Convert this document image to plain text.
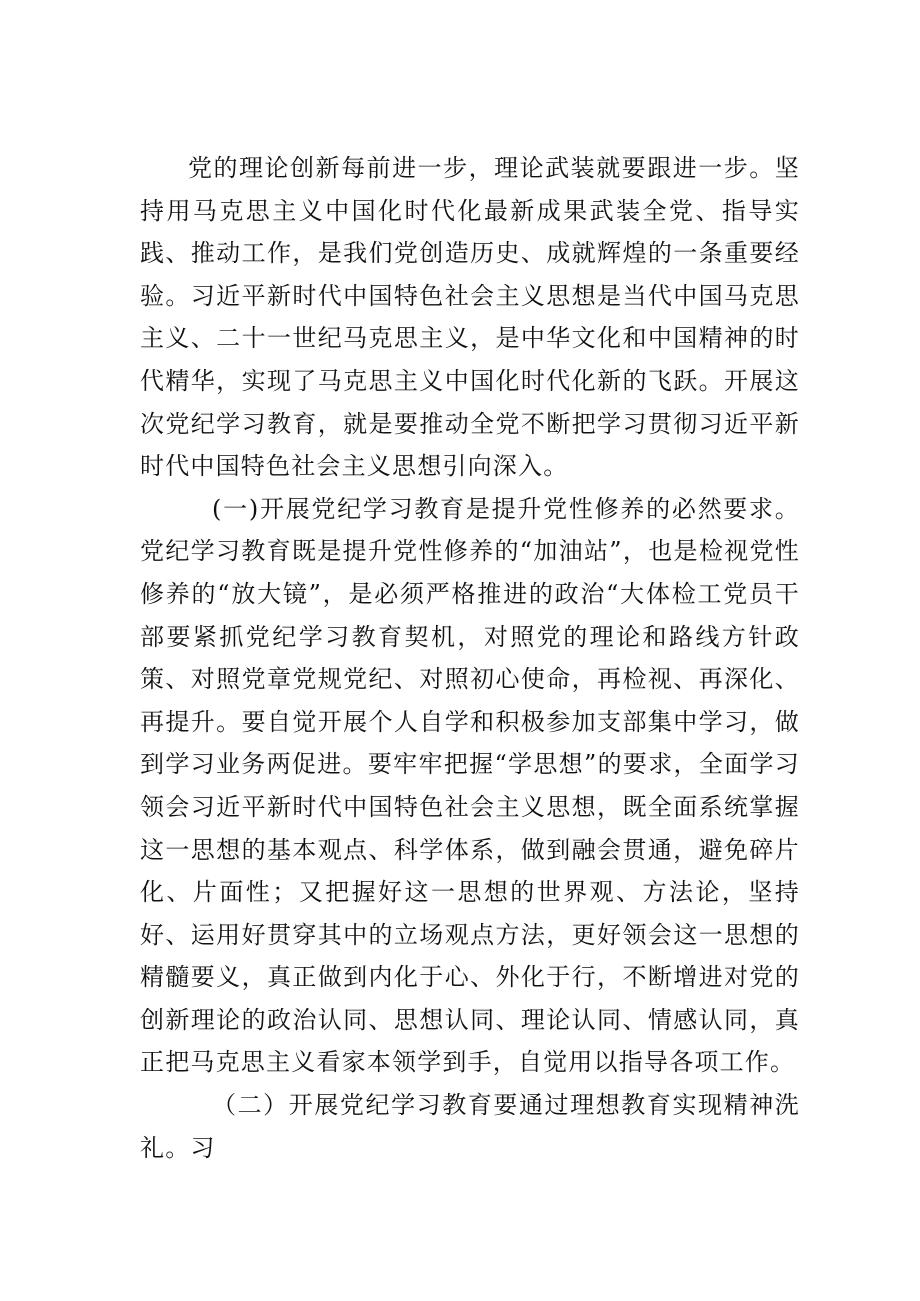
党的理论创新每前进一步，理论武装就要跟进一步。坚持用马克思主义中国化时代化最新成果武装全党、指导实践、推动工作，是我们党创造历史、成就辉煌的一条重要经验。习近平新时代中国特色社会主义思想是当代中国马克思主义、二十一世纪马克思主义，是中华文化和中国精神的时代精华，实现了马克思主义中国化时代化新的飞跃。开展这次党纪学习教育，就是要推动全党不断把学习贯彻习近平新时代中国特色社会主义思想引向深入。

(一)开展党纪学习教育是提升党性修养的必然要求。党纪学习教育既是提升党性修养的“加油站”，也是检视党性修养的“放大镜”，是必须严格推进的政治“大体检工党员干部要紧抓党纪学习教育契机，对照党的理论和路线方针政策、对照党章党规党纪、对照初心使命，再检视、再深化、再提升。要自觉开展个人自学和积极参加支部集中学习，做到学习业务两促进。要牢牢把握“学思想”的要求，全面学习领会习近平新时代中国特色社会主义思想，既全面系统掌握这一思想的基本观点、科学体系，做到融会贯通，避免碎片化、片面性；又把握好这一思想的世界观、方法论，坚持好、运用好贯穿其中的立场观点方法，更好领会这一思想的精髓要义，真正做到内化于心、外化于行，不断增进对党的创新理论的政治认同、思想认同、理论认同、情感认同，真正把马克思主义看家本领学到手，自觉用以指导各项工作。

（二）开展党纪学习教育要通过理想教育实现精神洗礼。习
